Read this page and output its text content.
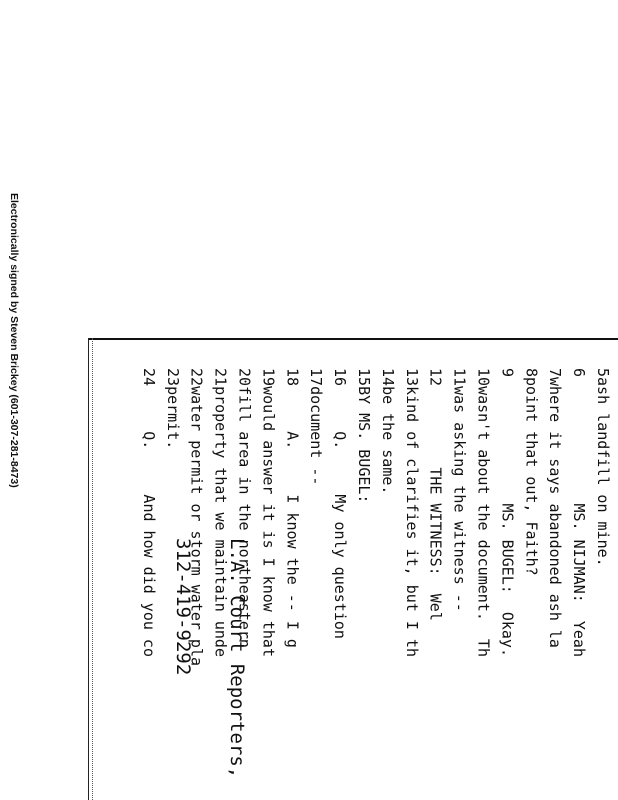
Electronically signed by Steven Brickey (601-307-281-8473)	5ash landfill on mine.
6              MS. NIJMAN:  Yeah
7where it says abandoned ash la
8point that out, Faith?
9              MS. BUGEL:  Okay.
10wasn't about the document.  Th
11was asking the witness --
12         THE WITNESS:  Wel
13kind of clarifies it, but I th
14be the same.
15BY MS. BUGEL:
16     Q.     My only question
17document --
18     A.     I know the -- I g
19would answer it is I know that
20fill area in the northeastern
21property that we maintain unde
22water permit or storm water pla
23permit.
24     Q.     And how did you co

L.A. Court Reporters,

312-419-9292
